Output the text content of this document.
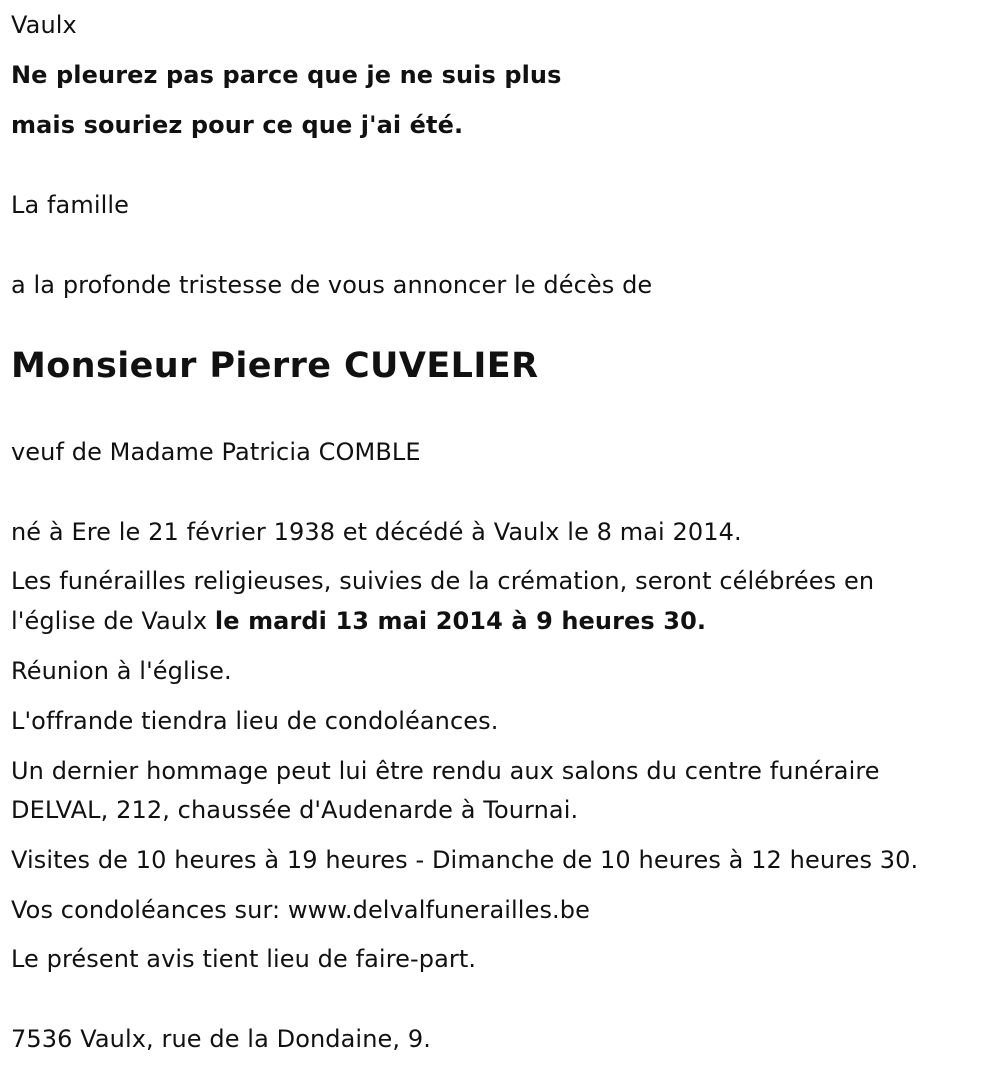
Vaulx
Ne pleurez pas parce que je ne suis plus
mais souriez pour ce que j'ai été.
La famille
a la profonde tristesse de vous annoncer le décès de
Monsieur Pierre CUVELIER
veuf de Madame Patricia COMBLE
né à Ere le 21 février 1938 et décédé à Vaulx le 8 mai 2014.
Les funérailles religieuses, suivies de la crémation, seront célébrées en
l'église de Vaulx le mardi 13 mai 2014 à 9 heures 30.
Réunion à l'église.
L'offrande tiendra lieu de condoléances.
Un dernier hommage peut lui être rendu aux salons du centre funéraire
DELVAL, 212, chaussée d'Audenarde à Tournai.
Visites de 10 heures à 19 heures - Dimanche de 10 heures à 12 heures 30.
Vos condoléances sur: www.delvalfunerailles.be
Le présent avis tient lieu de faire-part.
7536 Vaulx, rue de la Dondaine, 9.
